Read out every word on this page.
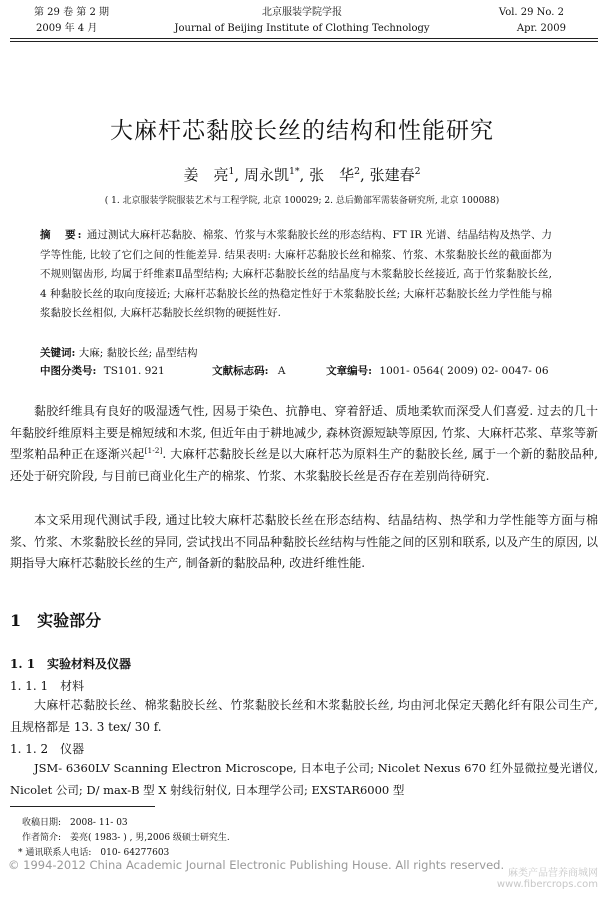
第 29 卷 第 2 期
2009 年 4 月
北京服装学院学报
Journal of Beijing Institute of Clothing Technology
Vol. 29 No. 2
Apr. 2009
大麻杆芯黏胶长丝的结构和性能研究
姜　亮$^1$, 周永凯$^{1*}$, 张　华$^2$, 张建春$^2$
( 1. 北京服装学院服装艺术与工程学院, 北京 100029; 2. 总后勤部军需装备研究所, 北京 100088)
摘　要: 通过测试大麻杆芯黏胶、棉浆、竹浆与木浆黏胶长丝的形态结构、FT IR 光谱、结晶结构及热学、力学等性能, 比较了它们之间的性能差异. 结果表明: 大麻杆芯黏胶长丝和棉浆、竹浆、木浆黏胶长丝的截面都为不规则锯齿形, 均属于纤维素Ⅱ晶型结构; 大麻杆芯黏胶长丝的结晶度与木浆黏胶长丝接近, 高于竹浆黏胶长丝, 4 种黏胶长丝的取向度接近; 大麻杆芯黏胶长丝的热稳定性好于木浆黏胶长丝; 大麻杆芯黏胶长丝力学性能与棉浆黏胶长丝相似, 大麻杆芯黏胶长丝织物的硬挺性好.
关键词: 大麻; 黏胶长丝; 晶型结构
中图分类号: TS101. 921	文献标志码: A	文章编号: 1001- 0564( 2009) 02- 0047- 06
黏胶纤维具有良好的吸湿透气性, 因易于染色、抗静电、穿着舒适、质地柔软而深受人们喜爱. 过去的几十年黏胶纤维原料主要是棉短绒和木浆, 但近年由于耕地减少, 森林资源短缺等原因, 竹浆、大麻杆芯浆、草浆等新型浆粕品种正在逐渐兴起[1-2]. 大麻杆芯黏胶长丝是以大麻杆芯为原料生产的黏胶长丝, 属于一个新的黏胶品种, 还处于研究阶段, 与目前已商业化生产的棉浆、竹浆、木浆黏胶长丝是否存在差别尚待研究.
本文采用现代测试手段, 通过比较大麻杆芯黏胶长丝在形态结构、结晶结构、热学和力学性能等方面与棉浆、竹浆、木浆黏胶长丝的异同, 尝试找出不同品种黏胶长丝结构与性能之间的区别和联系, 以及产生的原因, 以期指导大麻杆芯黏胶长丝的生产, 制备新的黏胶品种, 改进纤维性能.
1　实验部分
1. 1　实验材料及仪器
1. 1. 1　材料
大麻杆芯黏胶长丝、棉浆黏胶长丝、竹浆黏胶长丝和木浆黏胶长丝, 均由河北保定天鹅化纤有限公司生产, 且规格都是 13. 3 tex/ 30 f.
1. 1. 2　仪器
JSM- 6360LV Scanning Electron Microscope, 日本电子公司; Nicolet Nexus 670 红外显微拉曼光谱仪, Nicolet 公司; D/ max-B 型 X 射线衍射仪, 日本理学公司; EXSTAR6000 型
收稿日期:　2008- 11- 03
作者简介:　姜亮( 1983- ) , 男,2006 级硕士研究生.
* 通讯联系人电话:　010- 64277603
© 1994-2012 China Academic Journal Electronic Publishing House. All rights reserved.
麻类产品营养商城网
www.fibercrops.com
